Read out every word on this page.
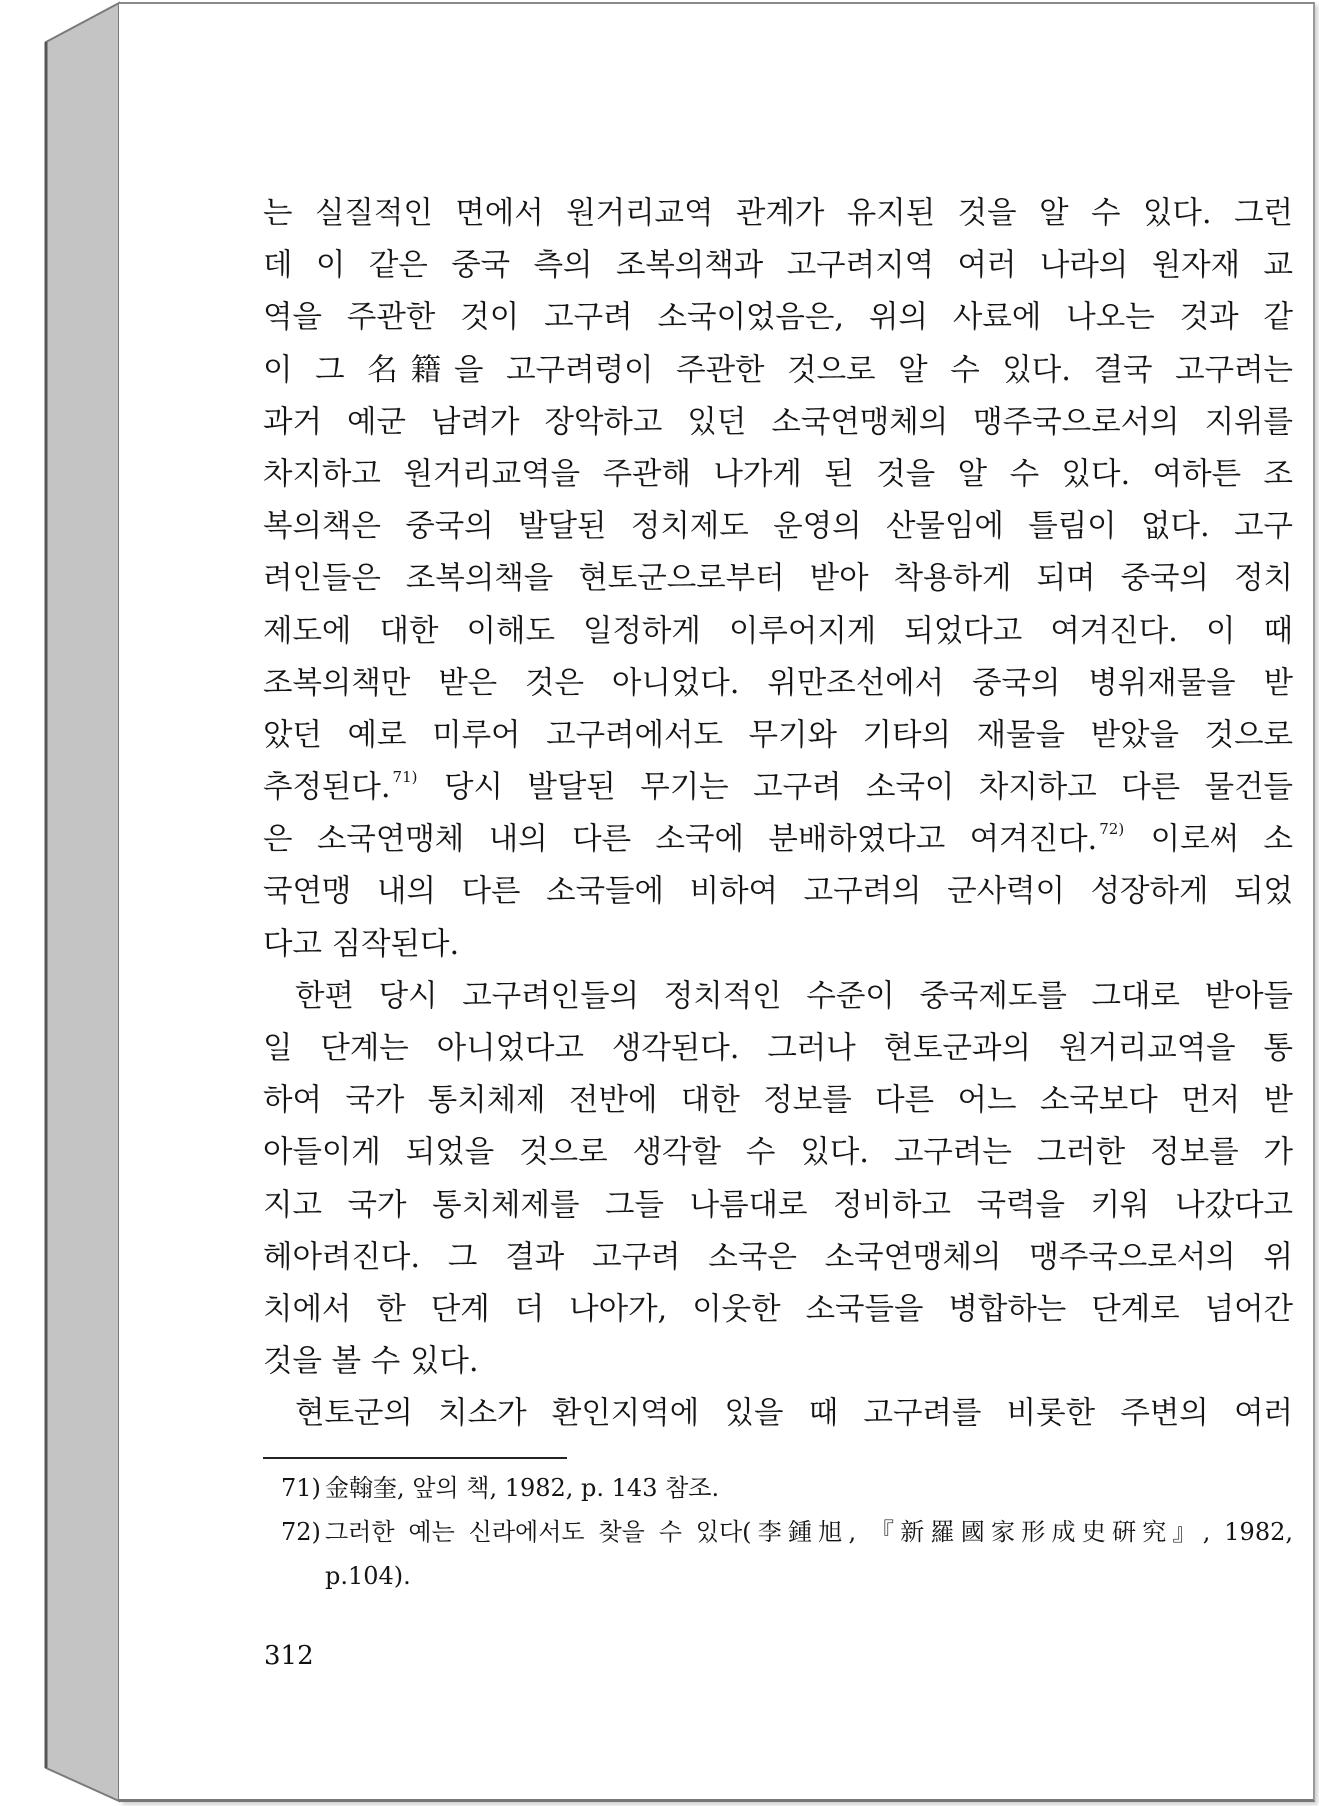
는 실질적인 면에서 원거리교역 관계가 유지된 것을 알 수 있다. 그런
데 이 같은 중국 측의 조복의책과 고구려지역 여러 나라의 원자재 교
역을 주관한 것이 고구려 소국이었음은, 위의 사료에 나오는 것과 같
이 그 名籍을 고구려령이 주관한 것으로 알 수 있다. 결국 고구려는
과거 예군 남려가 장악하고 있던 소국연맹체의 맹주국으로서의 지위를
차지하고 원거리교역을 주관해 나가게 된 것을 알 수 있다. 여하튼 조
복의책은 중국의 발달된 정치제도 운영의 산물임에 틀림이 없다. 고구
려인들은 조복의책을 현토군으로부터 받아 착용하게 되며 중국의 정치
제도에 대한 이해도 일정하게 이루어지게 되었다고 여겨진다. 이 때
조복의책만 받은 것은 아니었다. 위만조선에서 중국의 병위재물을 받
았던 예로 미루어 고구려에서도 무기와 기타의 재물을 받았을 것으로
추정된다. $^{71)}$ 당시 발달된 무기는 고구려 소국이 차지하고 다른 물건들
은 소국연맹체 내의 다른 소국에 분배하였다고 여겨진다. $^{72)}$ 이로써 소
국연맹 내의 다른 소국들에 비하여 고구려의 군사력이 성장하게 되었
다고 짐작된다.
한편 당시 고구려인들의 정치적인 수준이 중국제도를 그대로 받아들
일 단계는 아니었다고 생각된다. 그러나 현토군과의 원거리교역을 통
하여 국가 통치체제 전반에 대한 정보를 다른 어느 소국보다 먼저 받
아들이게 되었을 것으로 생각할 수 있다. 고구려는 그러한 정보를 가
지고 국가 통치체제를 그들 나름대로 정비하고 국력을 키워 나갔다고
헤아려진다. 그 결과 고구려 소국은 소국연맹체의 맹주국으로서의 위
치에서 한 단계 더 나아가, 이웃한 소국들을 병합하는 단계로 넘어간
것을 볼 수 있다.
현토군의 치소가 환인지역에 있을 때 고구려를 비롯한 주변의 여러
71) 金翰奎, 앞의 책, 1982, p. 143 참조.
72) 그러한 예는 신라에서도 찾을 수 있다(李鍾旭, 『新羅國家形成史硏究』, 1982,
p.104).
312
